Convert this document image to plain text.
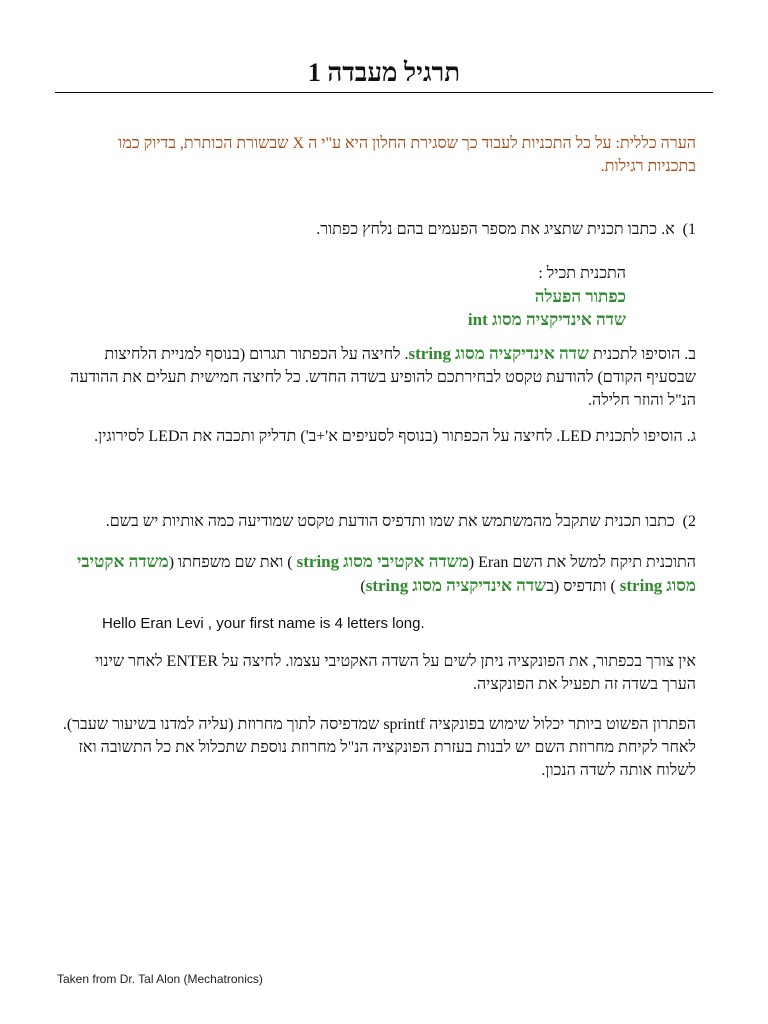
תרגיל מעבדה 1
הערה כללית: על כל התכניות לעבוד כך שסגירת החלון היא ע"י ה X שבשורת הכותרת, בדיוק כמו בתכניות רגילות.
1) א. כתבו תכנית שתציג את מספר הפעמים בהם נלחץ כפתור.
התכנית תכיל :
כפתור הפעלה
שדה אינדיקציה מסוג int
ב. הוסיפו לתכנית שדה אינדיקציה מסוג string. לחיצה על הכפתור תגרום (בנוסף למניית הלחיצות שבסעיף הקודם) להודעת טקסט לבחירתכם להופיע בשדה החדש. כל לחיצה חמישית תעלים את ההודעה הנ"ל והוזר חלילה.
ג. הוסיפו לתכנית LED. לחיצה על הכפתור (בנוסף לסעיפים א'+ב') תדליק ותכבה את הLED לסירוגין.
2) כתבו תכנית שתקבל מהמשתמש את שמו ותדפיס הודעת טקסט שמודיעה כמה אותיות יש בשם.
התוכנית תיקח למשל את השם Eran (משדה אקטיבי מסוג string ) ואת שם משפחתו (משדה אקטיבי מסוג string ) ותדפיס (בשדה אינדיקציה מסוג string)
Hello Eran Levi , your first name is 4 letters long.
אין צורך בכפתור, את הפונקציה ניתן לשים על השדה האקטיבי עצמו. לחיצה על ENTER לאחר שינוי הערך בשדה זה תפעיל את הפונקציה.
הפתרון הפשוט ביותר יכלול שימוש בפונקציה sprintf שמדפיסה לתוך מחרוזת (עליה למדנו בשיעור שעבר). לאחר לקיחת מחרוזת השם יש לבנות בעזרת הפונקציה הנ"ל מחרוזת נוספת שתכלול את כל התשובה ואז לשלוח אותה לשדה הנכון.
Taken from Dr. Tal Alon (Mechatronics)
